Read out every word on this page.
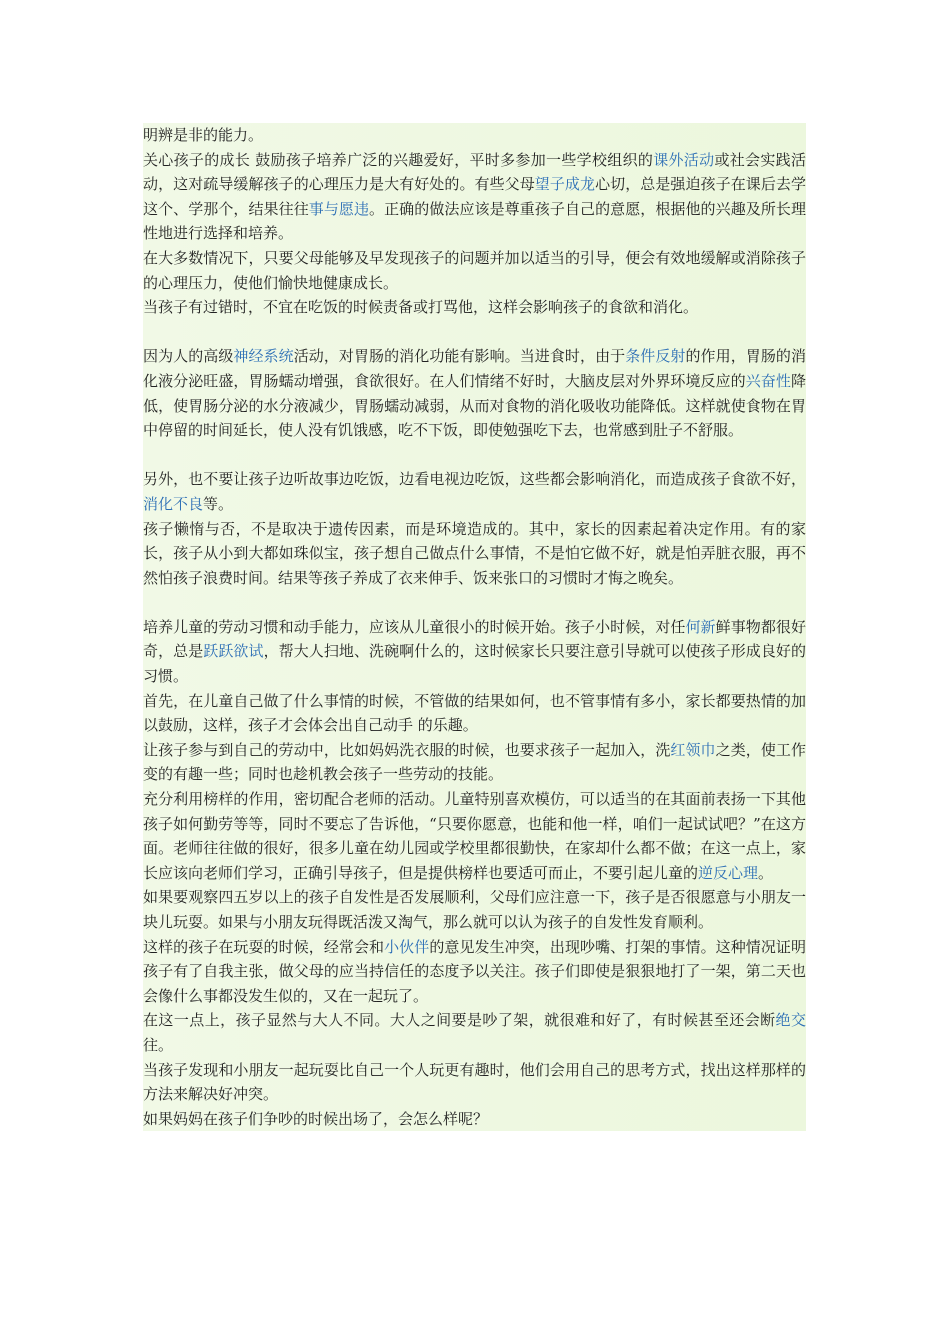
明辨是非的能力。

关心孩子的成长 鼓励孩子培养广泛的兴趣爱好，平时多参加一些学校组织的课外活动或社会实践活动，这对疏导缓解孩子的心理压力是大有好处的。有些父母望子成龙心切，总是强迫孩子在课后去学这个、学那个，结果往往事与愿违。正确的做法应该是尊重孩子自己的意愿，根据他的兴趣及所长理性地进行选择和培养。

在大多数情况下，只要父母能够及早发现孩子的问题并加以适当的引导，便会有效地缓解或消除孩子的心理压力，使他们愉快地健康成长。

当孩子有过错时，不宜在吃饭的时候责备或打骂他，这样会影响孩子的食欲和消化。

因为人的高级神经系统活动，对胃肠的消化功能有影响。当进食时，由于条件反射的作用，胃肠的消化液分泌旺盛，胃肠蠕动增强，食欲很好。在人们情绪不好时，大脑皮层对外界环境反应的兴奋性降低，使胃肠分泌的水分液减少，胃肠蠕动减弱，从而对食物的消化吸收功能降低。这样就使食物在胃中停留的时间延长，使人没有饥饿感，吃不下饭，即使勉强吃下去，也常感到肚子不舒服。

另外，也不要让孩子边听故事边吃饭，边看电视边吃饭，这些都会影响消化，而造成孩子食欲不好，消化不良等。

孩子懒惰与否，不是取决于遗传因素，而是环境造成的。其中，家长的因素起着决定作用。有的家长，孩子从小到大都如珠似宝，孩子想自己做点什么事情，不是怕它做不好，就是怕弄脏衣服，再不然怕孩子浪费时间。结果等孩子养成了衣来伸手、饭来张口的习惯时才悔之晚矣。

培养儿童的劳动习惯和动手能力，应该从儿童很小的时候开始。孩子小时候，对任何新鲜事物都很好奇，总是跃跃欲试，帮大人扫地、洗碗啊什么的，这时候家长只要注意引导就可以使孩子形成良好的习惯。

首先，在儿童自己做了什么事情的时候，不管做的结果如何，也不管事情有多小，家长都要热情的加以鼓励，这样，孩子才会体会出自己动手 的乐趣。

让孩子参与到自己的劳动中，比如妈妈洗衣服的时候，也要求孩子一起加入，洗红领巾之类，使工作变的有趣一些；同时也趁机教会孩子一些劳动的技能。

充分利用榜样的作用，密切配合老师的活动。儿童特别喜欢模仿，可以适当的在其面前表扬一下其他孩子如何勤劳等等，同时不要忘了告诉他，“只要你愿意，也能和他一样，咱们一起试试吧？”在这方面。老师往往做的很好，很多儿童在幼儿园或学校里都很勤快，在家却什么都不做；在这一点上，家长应该向老师们学习，正确引导孩子，但是提供榜样也要适可而止，不要引起儿童的逆反心理。

如果要观察四五岁以上的孩子自发性是否发展顺利，父母们应注意一下，孩子是否很愿意与小朋友一块儿玩耍。如果与小朋友玩得既活泼又淘气，那么就可以认为孩子的自发性发育顺利。

这样的孩子在玩耍的时候，经常会和小伙伴的意见发生冲突，出现吵嘴、打架的事情。这种情况证明孩子有了自我主张，做父母的应当持信任的态度予以关注。孩子们即使是狠狠地打了一架，第二天也会像什么事都没发生似的，又在一起玩了。

在这一点上，孩子显然与大人不同。大人之间要是吵了架，就很难和好了，有时候甚至还会断绝交往。

当孩子发现和小朋友一起玩耍比自己一个人玩更有趣时，他们会用自己的思考方式，找出这样那样的方法来解决好冲突。

如果妈妈在孩子们争吵的时候出场了，会怎么样呢？
